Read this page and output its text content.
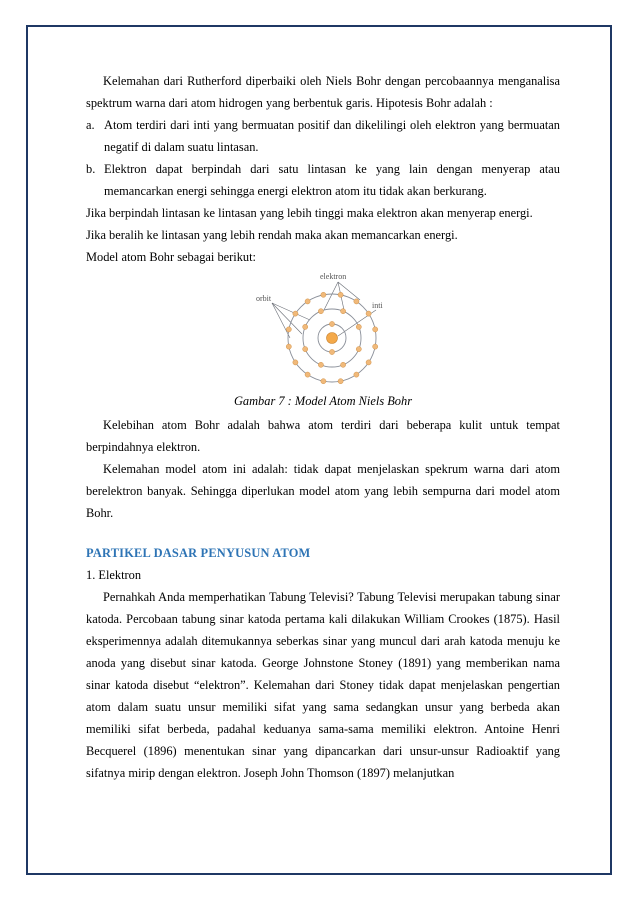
Kelemahan dari Rutherford diperbaiki oleh Niels Bohr dengan percobaannya menganalisa spektrum warna dari atom hidrogen yang berbentuk garis. Hipotesis Bohr adalah :

a. Atom terdiri dari inti yang bermuatan positif dan dikelilingi oleh elektron yang bermuatan negatif di dalam suatu lintasan.
b. Elektron dapat berpindah dari satu lintasan ke yang lain dengan menyerap atau memancarkan energi sehingga energi elektron atom itu tidak akan berkurang.

Jika berpindah lintasan ke lintasan yang lebih tinggi maka elektron akan menyerap energi.

Jika beralih ke lintasan yang lebih rendah maka akan memancarkan energi.

Model atom Bohr sebagai berikut:

elektron
orbit
inti
Gambar 7 : Model Atom Niels Bohr

Kelebihan atom Bohr adalah bahwa atom terdiri dari beberapa kulit untuk tempat berpindahnya elektron.

Kelemahan model atom ini adalah: tidak dapat menjelaskan spekrum warna dari atom berelektron banyak. Sehingga diperlukan model atom yang lebih sempurna dari model atom Bohr.

PARTIKEL DASAR PENYUSUN ATOM

1. Elektron

Pernahkah Anda memperhatikan Tabung Televisi? Tabung Televisi merupakan tabung sinar katoda. Percobaan tabung sinar katoda pertama kali dilakukan William Crookes (1875). Hasil eksperimennya adalah ditemukannya seberkas sinar yang muncul dari arah katoda menuju ke anoda yang disebut sinar katoda. George Johnstone Stoney (1891) yang memberikan nama sinar katoda disebut “elektron”. Kelemahan dari Stoney tidak dapat menjelaskan pengertian atom dalam suatu unsur memiliki sifat yang sama sedangkan unsur yang berbeda akan memiliki sifat berbeda, padahal keduanya sama-sama memiliki elektron. Antoine Henri Becquerel (1896) menentukan sinar yang dipancarkan dari unsur-unsur Radioaktif yang sifatnya mirip dengan elektron. Joseph John Thomson (1897) melanjutkan
